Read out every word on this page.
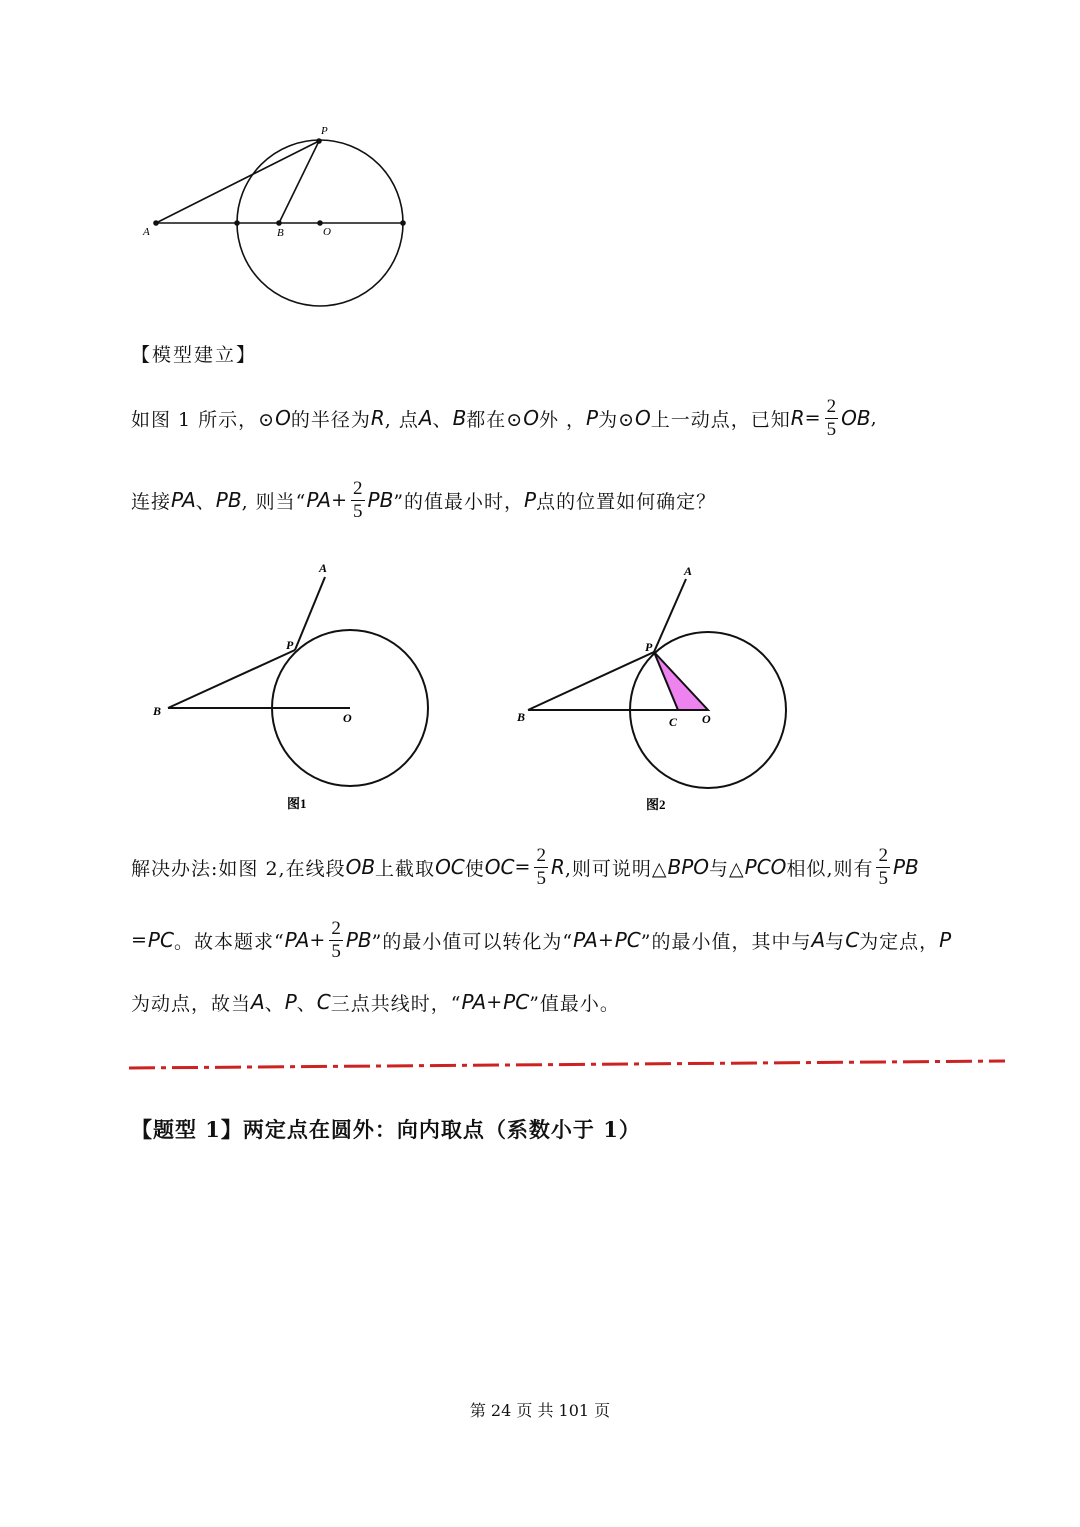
P
A	B	O
【模型建立】
如图 1 所示，⊙ O 的半径为 R , 点 A 、 B 都在⊙ O 外 ， P 为⊙ O 上一动点，已知 $R = \frac{2}{5}$ OB ,
连接 PA 、 PB , 则当“ PA + $\frac{2}{5}$ PB ”的值最小时， P 点的位置如何确定？
A
P
B	O
图1
A
P
B	C O
图2
解决办法:如图 2,在线段 OB 上截取 OC 使 OC = $\frac{2}{5}$ R ,则可说明△ BPO 与△ PCO 相似,则有 $\frac{2}{5}$ PB
= PC 。故本题求“ PA + $\frac{2}{5}$ PB ”的最小值可以转化为“ PA + PC ”的最小值，其中与 A 与 C 为定点， P
为动点，故当 A 、 P 、 C 三点共线时，“ PA + PC ”值最小。
【题型 1】两定点在圆外：向内取点（系数小于 1）
第 24 页 共 101 页
